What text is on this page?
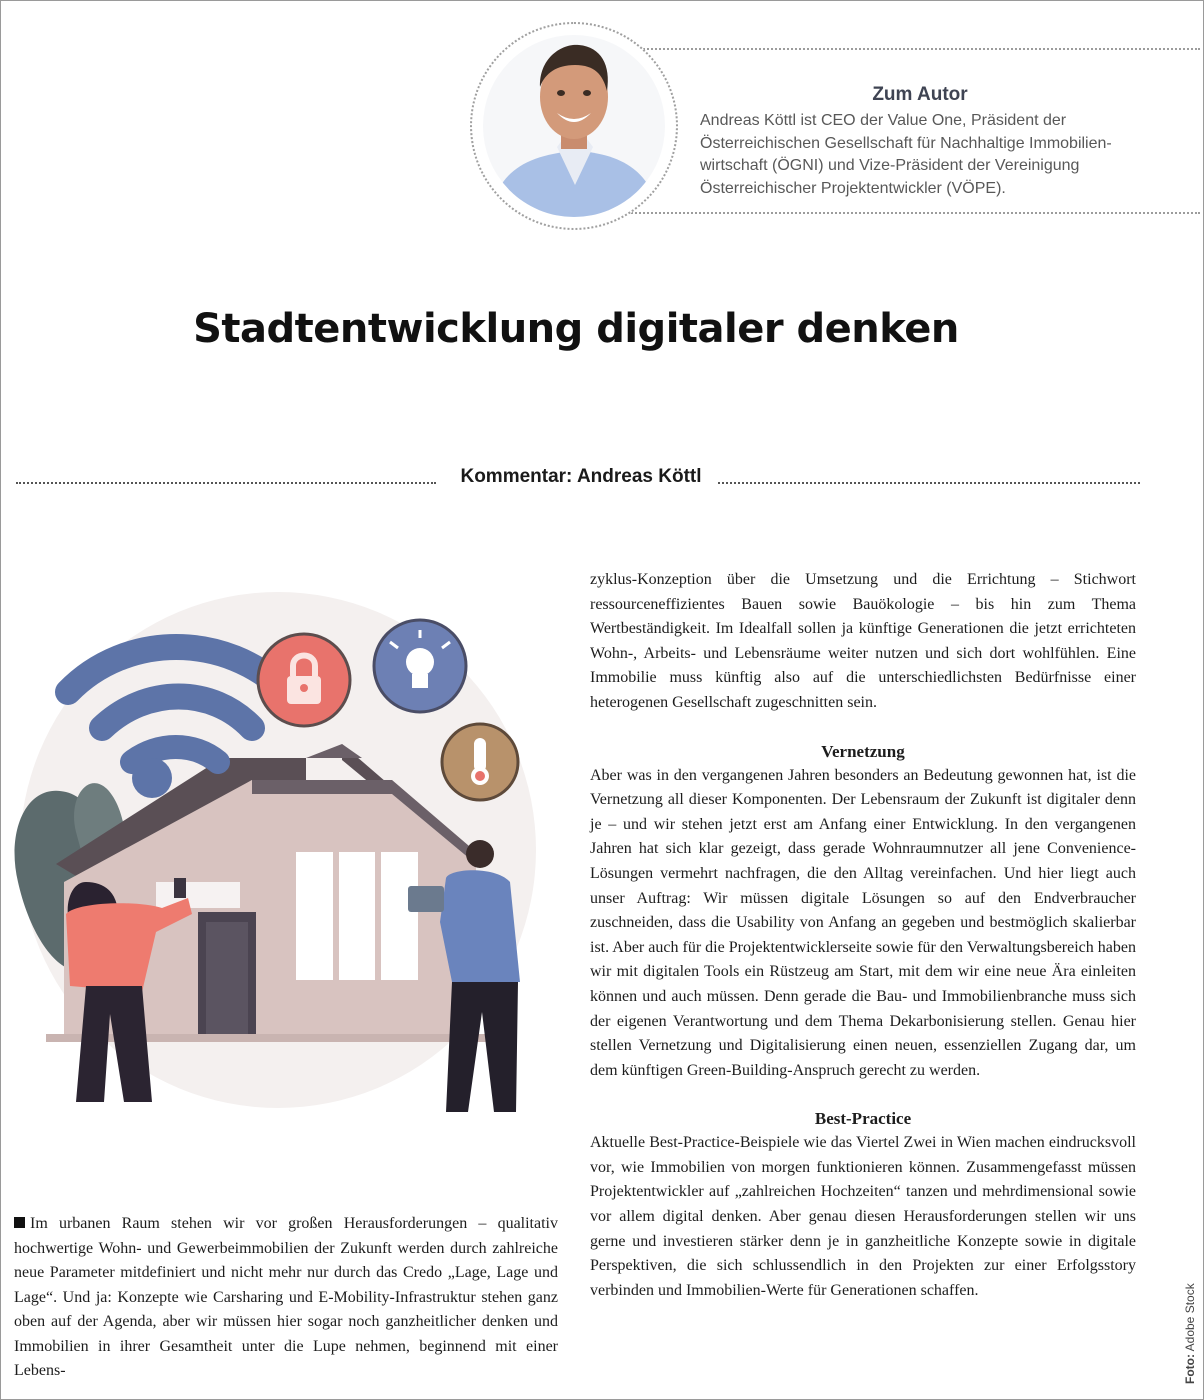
Zum Autor
Andreas Köttl ist CEO der Value One, Präsident der
Österreichischen Gesellschaft für Nachhaltige Immobilien-
wirtschaft (ÖGNI) und Vize-Präsident der Vereinigung
Österreichischer Projektentwickler (VÖPE).
Stadtentwicklung digitaler denken
Kommentar: Andreas Köttl

Im urbanen Raum stehen wir vor großen Herausforderungen – qualitativ hochwertige Wohn- und Gewerbeimmobilien der Zukunft werden durch zahlreiche neue Parameter mitdefiniert und nicht mehr nur durch das Credo „Lage, Lage und Lage“. Und ja: Konzepte wie Carsharing und E-Mobility-Infrastruktur stehen ganz oben auf der Agenda, aber wir müssen hier sogar noch ganzheitlicher denken und Immobilien in ihrer Gesamtheit unter die Lupe nehmen, beginnend mit einer Lebens-

zyklus-Konzeption über die Umsetzung und die Errichtung – Stichwort ressourceneffizientes Bauen sowie Bauökologie – bis hin zum Thema Wertbeständigkeit. Im Idealfall sollen ja künftige Generationen die jetzt errichteten Wohn-, Arbeits- und Lebensräume weiter nutzen und sich dort wohlfühlen. Eine Immobilie muss künftig also auf die unterschiedlichsten Bedürfnisse einer heterogenen Gesellschaft zugeschnitten sein.

Vernetzung

Aber was in den vergangenen Jahren besonders an Bedeutung gewonnen hat, ist die Vernetzung all dieser Komponenten. Der Lebensraum der Zukunft ist digitaler denn je – und wir stehen jetzt erst am Anfang einer Entwicklung. In den vergangenen Jahren hat sich klar gezeigt, dass gerade Wohnraumnutzer all jene Convenience-Lösungen vermehrt nachfragen, die den Alltag vereinfachen. Und hier liegt auch unser Auftrag: Wir müssen digitale Lösungen so auf den Endverbraucher zuschneiden, dass die Usability von Anfang an gegeben und bestmöglich skalierbar ist. Aber auch für die Projektentwicklerseite sowie für den Verwaltungsbereich haben wir mit digitalen Tools ein Rüstzeug am Start, mit dem wir eine neue Ära einleiten können und auch müssen. Denn gerade die Bau- und Immobilienbranche muss sich der eigenen Verantwortung und dem Thema Dekarbonisierung stellen. Genau hier stellen Vernetzung und Digitalisierung einen neuen, essenziellen Zugang dar, um dem künftigen Green-Building-Anspruch gerecht zu werden.

Best-Practice

Aktuelle Best-Practice-Beispiele wie das Viertel Zwei in Wien machen eindrucksvoll vor, wie Immobilien von morgen funktionieren können. Zusammengefasst müssen Projektentwickler auf „zahlreichen Hochzeiten“ tanzen und mehrdimensional sowie vor allem digital denken. Aber genau diesen Herausforderungen stellen wir uns gerne und investieren stärker denn je in ganzheitliche Konzepte sowie in digitale Perspektiven, die sich schlussendlich in den Projekten zur einer Erfolgsstory verbinden und Immobilien-Werte für Generationen schaffen.

Foto: Adobe Stock
